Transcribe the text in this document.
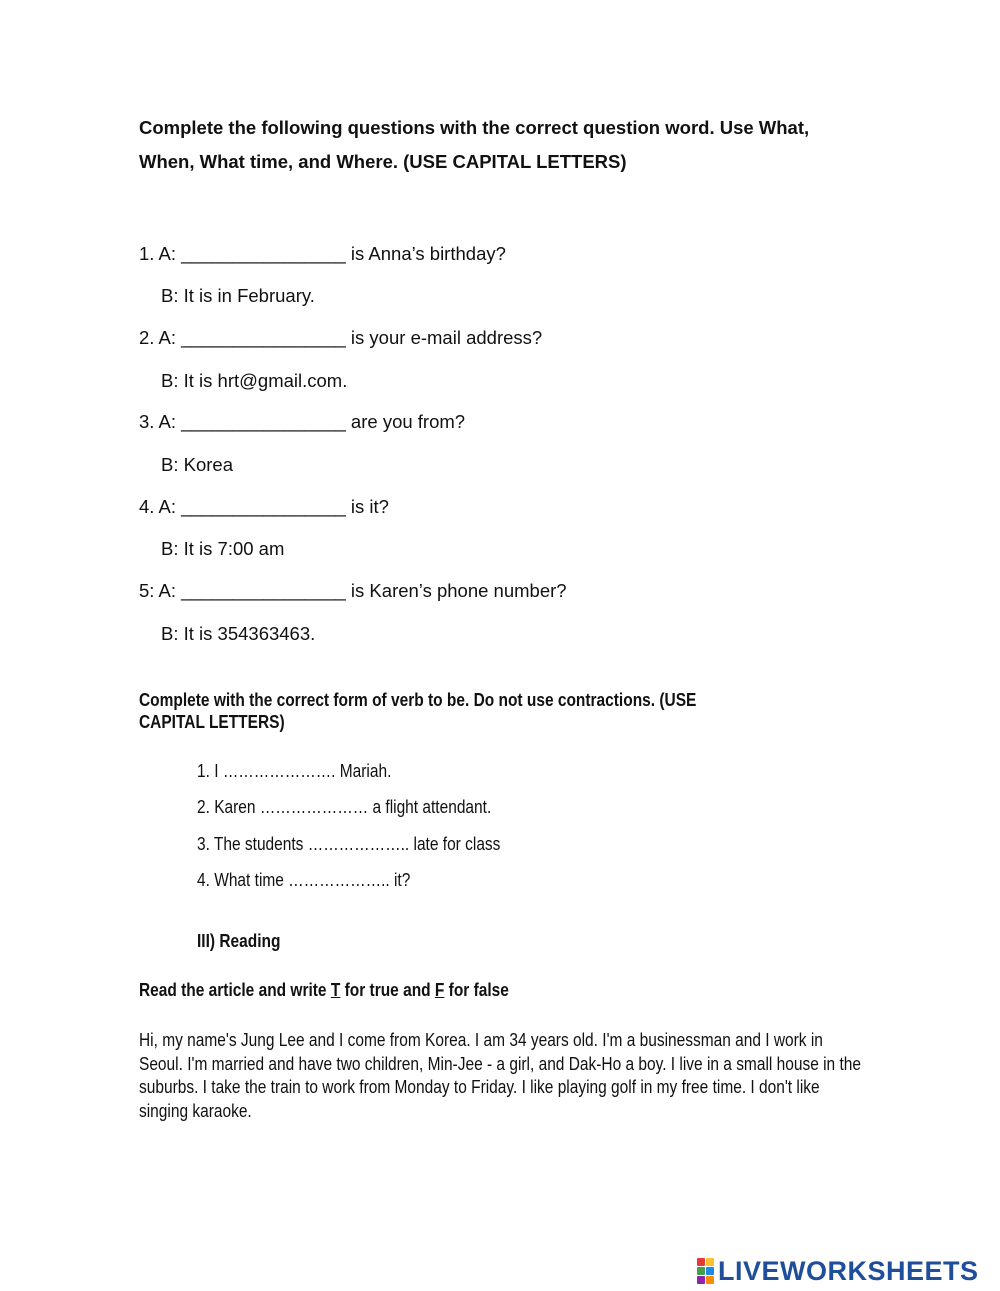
Complete the following questions with the correct question word. Use What,
When, What time, and Where. (USE CAPITAL LETTERS)
1. A: ________________ is Anna’s birthday?
B: It is in February.
2. A: ________________ is your e-mail address?
B: It is hrt@gmail.com.
3. A: ________________ are you from?
B: Korea
4. A: ________________ is it?
B: It is 7:00 am
5: A: ________________ is Karen’s phone number?
B: It is 354363463.
Complete with the correct form of verb to be. Do not use contractions. (USE
CAPITAL LETTERS)
1. I …………………. Mariah.
2. Karen ………………… a flight attendant.
3. The students ……………….. late for class
4. What time ……………….. it?
III) Reading
Read the article and write T for true and F for false
Hi, my name's Jung Lee and I come from Korea. I am 34 years old. I'm a businessman and I work in Seoul. I'm married and have two children, Min-Jee - a girl, and Dak-Ho a boy. I live in a small house in the suburbs. I take the train to work from Monday to Friday. I like playing golf in my free time. I don't like singing karaoke.
LIVEWORKSHEETS
